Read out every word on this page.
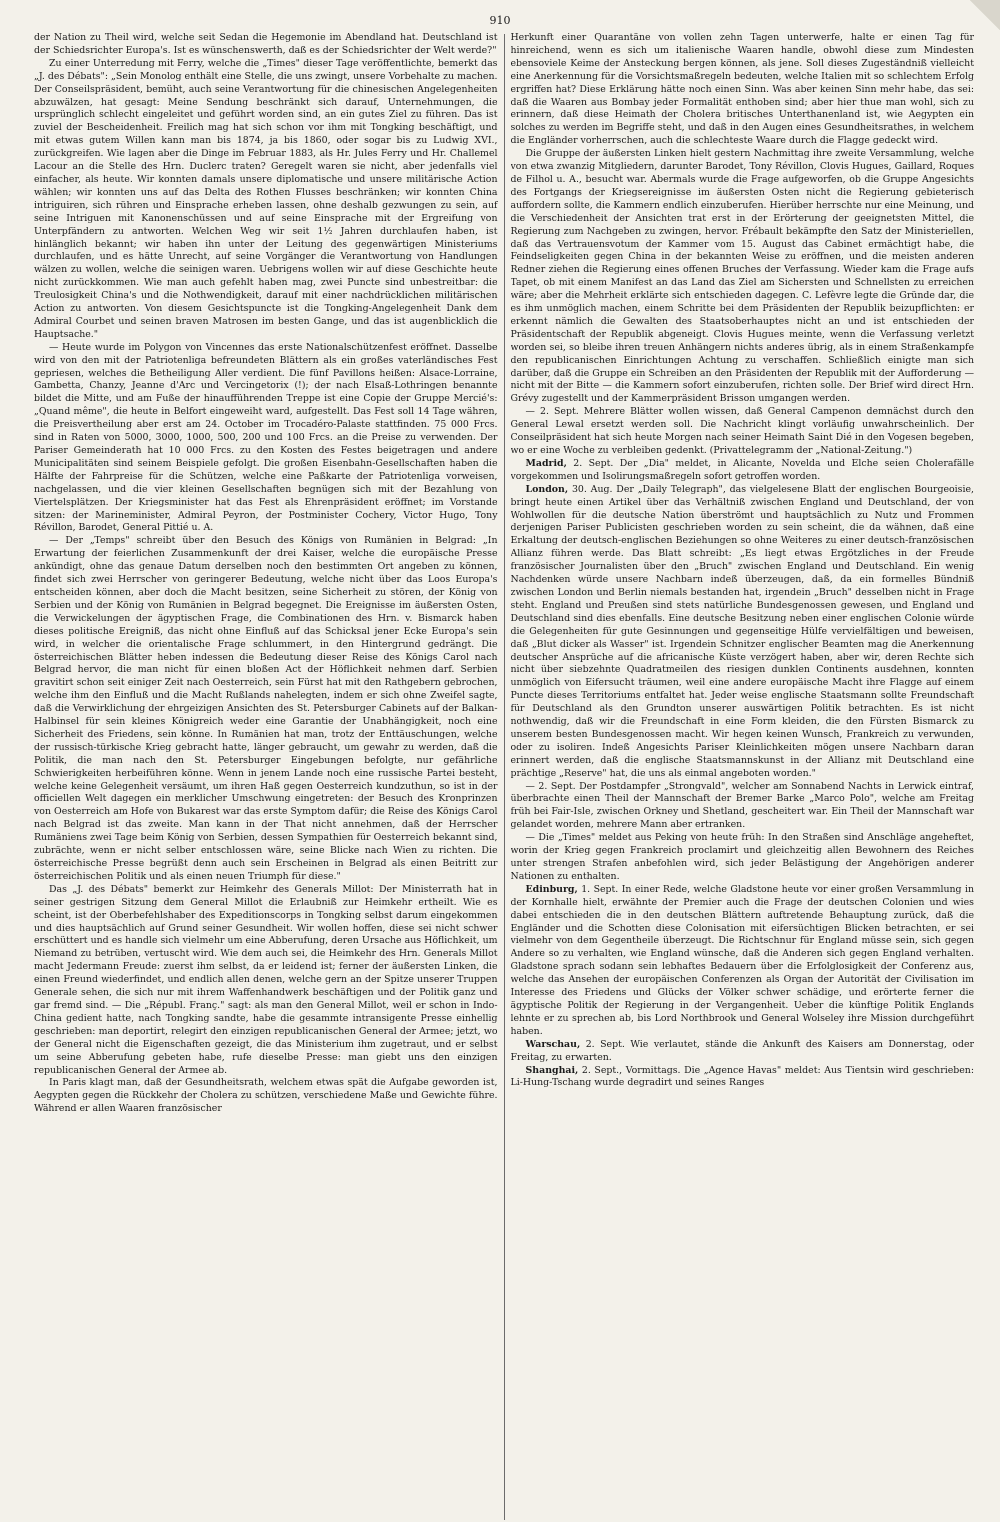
910

der Nation zu Theil wird, welche seit Sedan die Hegemonie im Abendland hat. Deutschland ist der Schiedsrichter Europa's. Ist es wünschenswerth, daß es der Schiedsrichter der Welt werde?"

Zu einer Unterredung mit Ferry, welche die „Times" dieser Tage veröffentlichte, bemerkt das „J. des Débats": „Sein Monolog enthält eine Stelle, die uns zwingt, unsere Vorbehalte zu machen. Der Conseilspräsident, bemüht, auch seine Verantwortung für die chinesischen Angelegenheiten abzuwälzen, hat gesagt: Meine Sendung beschränkt sich darauf, Unternehmungen, die ursprünglich schlecht eingeleitet und geführt worden sind, an ein gutes Ziel zu führen. Das ist zuviel der Bescheidenheit. Freilich mag hat sich schon vor ihm mit Tongking beschäftigt, und mit etwas gutem Willen kann man bis 1874, ja bis 1860, oder sogar bis zu Ludwig XVI., zurückgreifen. Wie lagen aber die Dinge im Februar 1883, als Hr. Jules Ferry und Hr. Challemel Lacour an die Stelle des Hrn. Duclerc traten? Geregelt waren sie nicht, aber jedenfalls viel einfacher, als heute. Wir konnten damals unsere diplomatische und unsere militärische Action wählen; wir konnten uns auf das Delta des Rothen Flusses beschränken; wir konnten China intriguiren, sich rühren und Einsprache erheben lassen, ohne deshalb gezwungen zu sein, auf seine Intriguen mit Kanonenschüssen und auf seine Einsprache mit der Ergreifung von Unterpfändern zu antworten. Welchen Weg wir seit 1½ Jahren durchlaufen haben, ist hinlänglich bekannt; wir haben ihn unter der Leitung des gegenwärtigen Ministeriums durchlaufen, und es hätte Unrecht, auf seine Vorgänger die Verantwortung von Handlungen wälzen zu wollen, welche die seinigen waren. Uebrigens wollen wir auf diese Geschichte heute nicht zurückkommen. Wie man auch gefehlt haben mag, zwei Puncte sind unbestreitbar: die Treulosigkeit China's und die Nothwendigkeit, darauf mit einer nachdrücklichen militärischen Action zu antworten. Von diesem Gesichtspuncte ist die Tongking-Angelegenheit Dank dem Admiral Courbet und seinen braven Matrosen im besten Gange, und das ist augenblicklich die Hauptsache."

— Heute wurde im Polygon von Vincennes das erste Nationalschützenfest eröffnet. Dasselbe wird von den mit der Patriotenliga befreundeten Blättern als ein großes vaterländisches Fest gepriesen, welches die Betheiligung Aller verdient. Die fünf Pavillons heißen: Alsace-Lorraine, Gambetta, Chanzy, Jeanne d'Arc und Vercingetorix (!); der nach Elsaß-Lothringen benannte bildet die Mitte, und am Fuße der hinaufführenden Treppe ist eine Copie der Gruppe Mercié's: „Quand même", die heute in Belfort eingeweiht ward, aufgestellt. Das Fest soll 14 Tage währen, die Preisvertheilung aber erst am 24. October im Trocadéro-Palaste stattfinden. 75 000 Frcs. sind in Raten von 5000, 3000, 1000, 500, 200 und 100 Frcs. an die Preise zu verwenden. Der Pariser Gemeinderath hat 10 000 Frcs. zu den Kosten des Festes beigetragen und andere Municipalitäten sind seinem Beispiele gefolgt. Die großen Eisenbahn-Gesellschaften haben die Hälfte der Fahrpreise für die Schützen, welche eine Paßkarte der Patriotenliga vorweisen, nachgelassen, und die vier kleinen Gesellschaften begnügen sich mit der Bezahlung von Viertelsplätzen. Der Kriegsminister hat das Fest als Ehrenpräsident eröffnet; im Vorstande sitzen: der Marineminister, Admiral Peyron, der Postminister Cochery, Victor Hugo, Tony Révillon, Barodet, General Pittié u. A.

— Der „Temps" schreibt über den Besuch des Königs von Rumänien in Belgrad: „In Erwartung der feierlichen Zusammenkunft der drei Kaiser, welche die europäische Presse ankündigt, ohne das genaue Datum derselben noch den bestimmten Ort angeben zu können, findet sich zwei Herrscher von geringerer Bedeutung, welche nicht über das Loos Europa's entscheiden können, aber doch die Macht besitzen, seine Sicherheit zu stören, der König von Serbien und der König von Rumänien in Belgrad begegnet. Die Ereignisse im äußersten Osten, die Verwickelungen der ägyptischen Frage, die Combinationen des Hrn. v. Bismarck haben dieses politische Ereigniß, das nicht ohne Einfluß auf das Schicksal jener Ecke Europa's sein wird, in welcher die orientalische Frage schlummert, in den Hintergrund gedrängt. Die österreichischen Blätter heben indessen die Bedeutung dieser Reise des Königs Carol nach Belgrad hervor, die man nicht für einen bloßen Act der Höflichkeit nehmen darf. Serbien gravitirt schon seit einiger Zeit nach Oesterreich, sein Fürst hat mit den Rathgebern gebrochen, welche ihm den Einfluß und die Macht Rußlands nahelegten, indem er sich ohne Zweifel sagte, daß die Verwirklichung der ehrgeizigen Ansichten des St. Petersburger Cabinets auf der Balkan-Halbinsel für sein kleines Königreich weder eine Garantie der Unabhängigkeit, noch eine Sicherheit des Friedens, sein könne. In Rumänien hat man, trotz der Enttäuschungen, welche der russisch-türkische Krieg gebracht hatte, länger gebraucht, um gewahr zu werden, daß die Politik, die man nach den St. Petersburger Eingebungen befolgte, nur gefährliche Schwierigkeiten herbeiführen könne. Wenn in jenem Lande noch eine russische Partei besteht, welche keine Gelegenheit versäumt, um ihren Haß gegen Oesterreich kundzuthun, so ist in der officiellen Welt dagegen ein merklicher Umschwung eingetreten: der Besuch des Kronprinzen von Oesterreich am Hofe von Bukarest war das erste Symptom dafür; die Reise des Königs Carol nach Belgrad ist das zweite. Man kann in der That nicht annehmen, daß der Herrscher Rumäniens zwei Tage beim König von Serbien, dessen Sympathien für Oesterreich bekannt sind, zubrächte, wenn er nicht selber entschlossen wäre, seine Blicke nach Wien zu richten. Die österreichische Presse begrüßt denn auch sein Erscheinen in Belgrad als einen Beitritt zur österreichischen Politik und als einen neuen Triumph für diese."

Das „J. des Débats" bemerkt zur Heimkehr des Generals Millot: Der Ministerrath hat in seiner gestrigen Sitzung dem General Millot die Erlaubniß zur Heimkehr ertheilt. Wie es scheint, ist der Oberbefehlshaber des Expeditionscorps in Tongking selbst darum eingekommen und dies hauptsächlich auf Grund seiner Gesundheit. Wir wollen hoffen, diese sei nicht schwer erschüttert und es handle sich vielmehr um eine Abberufung, deren Ursache aus Höflichkeit, um Niemand zu betrüben, vertuscht wird. Wie dem auch sei, die Heimkehr des Hrn. Generals Millot macht Jedermann Freude: zuerst ihm selbst, da er leidend ist; ferner der äußersten Linken, die einen Freund wiederfindet, und endlich allen denen, welche gern an der Spitze unserer Truppen Generale sehen, die sich nur mit ihrem Waffenhandwerk beschäftigen und der Politik ganz und gar fremd sind. — Die „Républ. Franç." sagt: als man den General Millot, weil er schon in Indo-China gedient hatte, nach Tongking sandte, habe die gesammte intransigente Presse einhellig geschrieben: man deportirt, relegirt den einzigen republicanischen General der Armee; jetzt, wo der General nicht die Eigenschaften gezeigt, die das Ministerium ihm zugetraut, und er selbst um seine Abberufung gebeten habe, rufe dieselbe Presse: man giebt uns den einzigen republicanischen General der Armee ab.

In Paris klagt man, daß der Gesundheitsrath, welchem etwas spät die Aufgabe geworden ist, Aegypten gegen die Rückkehr der Cholera zu schützen, verschiedene Maße und Gewichte führe. Während er allen Waaren französischer

Herkunft einer Quarantäne von vollen zehn Tagen unterwerfe, halte er einen Tag für hinreichend, wenn es sich um italienische Waaren handle, obwohl diese zum Mindesten ebensoviele Keime der Ansteckung bergen können, als jene. Soll dieses Zugeständniß vielleicht eine Anerkennung für die Vorsichtsmaßregeln bedeuten, welche Italien mit so schlechtem Erfolg ergriffen hat? Diese Erklärung hätte noch einen Sinn. Was aber keinen Sinn mehr habe, das sei: daß die Waaren aus Bombay jeder Formalität enthoben sind; aber hier thue man wohl, sich zu erinnern, daß diese Heimath der Cholera britisches Unterthanenland ist, wie Aegypten ein solches zu werden im Begriffe steht, und daß in den Augen eines Gesundheitsrathes, in welchem die Engländer vorherrschen, auch die schlechteste Waare durch die Flagge gedeckt wird.

Die Gruppe der äußersten Linken hielt gestern Nachmittag ihre zweite Versammlung, welche von etwa zwanzig Mitgliedern, darunter Barodet, Tony Révillon, Clovis Hugues, Gaillard, Roques de Filhol u. A., besucht war. Abermals wurde die Frage aufgeworfen, ob die Gruppe Angesichts des Fortgangs der Kriegsereignisse im äußersten Osten nicht die Regierung gebieterisch auffordern sollte, die Kammern endlich einzuberufen. Hierüber herrschte nur eine Meinung, und die Verschiedenheit der Ansichten trat erst in der Erörterung der geeignetsten Mittel, die Regierung zum Nachgeben zu zwingen, hervor. Frébault bekämpfte den Satz der Ministeriellen, daß das Vertrauensvotum der Kammer vom 15. August das Cabinet ermächtigt habe, die Feindseligkeiten gegen China in der bekannten Weise zu eröffnen, und die meisten anderen Redner ziehen die Regierung eines offenen Bruches der Verfassung. Wieder kam die Frage aufs Tapet, ob mit einem Manifest an das Land das Ziel am Sichersten und Schnellsten zu erreichen wäre; aber die Mehrheit erklärte sich entschieden dagegen. C. Lefèvre legte die Gründe dar, die es ihm unmöglich machen, einem Schritte bei dem Präsidenten der Republik beizupflichten: er erkennt nämlich die Gewalten des Staatsoberhauptes nicht an und ist entschieden der Präsidentschaft der Republik abgeneigt. Clovis Hugues meinte, wenn die Verfassung verletzt worden sei, so bleibe ihren treuen Anhängern nichts anderes übrig, als in einem Straßenkampfe den republicanischen Einrichtungen Achtung zu verschaffen. Schließlich einigte man sich darüber, daß die Gruppe ein Schreiben an den Präsidenten der Republik mit der Aufforderung — nicht mit der Bitte — die Kammern sofort einzuberufen, richten solle. Der Brief wird direct Hrn. Grévy zugestellt und der Kammerpräsident Brisson umgangen werden.

— 2. Sept. Mehrere Blätter wollen wissen, daß General Campenon demnächst durch den General Lewal ersetzt werden soll. Die Nachricht klingt vorläufig unwahrscheinlich. Der Conseilpräsident hat sich heute Morgen nach seiner Heimath Saint Dié in den Vogesen begeben, wo er eine Woche zu verbleiben gedenkt. (Privattelegramm der „National-Zeitung.")

Madrid, 2. Sept. Der „Dia" meldet, in Alicante, Novelda und Elche seien Cholerafälle vorgekommen und Isolirungsmaßregeln sofort getroffen worden.

London, 30. Aug. Der „Daily Telegraph", das vielgelesene Blatt der englischen Bourgeoisie, bringt heute einen Artikel über das Verhältniß zwischen England und Deutschland, der von Wohlwollen für die deutsche Nation überströmt und hauptsächlich zu Nutz und Frommen derjenigen Pariser Publicisten geschrieben worden zu sein scheint, die da wähnen, daß eine Erkaltung der deutsch-englischen Beziehungen so ohne Weiteres zu einer deutsch-französischen Allianz führen werde. Das Blatt schreibt: „Es liegt etwas Ergötzliches in der Freude französischer Journalisten über den „Bruch" zwischen England und Deutschland. Ein wenig Nachdenken würde unsere Nachbarn indeß überzeugen, daß, da ein formelles Bündniß zwischen London und Berlin niemals bestanden hat, irgendein „Bruch" desselben nicht in Frage steht. England und Preußen sind stets natürliche Bundesgenossen gewesen, und England und Deutschland sind dies ebenfalls. Eine deutsche Besitzung neben einer englischen Colonie würde die Gelegenheiten für gute Gesinnungen und gegenseitige Hülfe vervielfältigen und beweisen, daß „Blut dicker als Wasser" ist. Irgendein Schnitzer englischer Beamten mag die Anerkennung deutscher Ansprüche auf die africanische Küste verzögert haben, aber wir, deren Rechte sich nicht über siebzehnte Quadratmeilen des riesigen dunklen Continents ausdehnen, konnten unmöglich von Eifersucht träumen, weil eine andere europäische Macht ihre Flagge auf einem Puncte dieses Territoriums entfaltet hat. Jeder weise englische Staatsmann sollte Freundschaft für Deutschland als den Grundton unserer auswärtigen Politik betrachten. Es ist nicht nothwendig, daß wir die Freundschaft in eine Form kleiden, die den Fürsten Bismarck zu unserem besten Bundesgenossen macht. Wir hegen keinen Wunsch, Frankreich zu verwunden, oder zu isoliren. Indeß Angesichts Pariser Kleinlichkeiten mögen unsere Nachbarn daran erinnert werden, daß die englische Staatsmannskunst in der Allianz mit Deutschland eine prächtige „Reserve" hat, die uns als einmal angeboten worden."

— 2. Sept. Der Postdampfer „Strongvald", welcher am Sonnabend Nachts in Lerwick eintraf, überbrachte einen Theil der Mannschaft der Bremer Barke „Marco Polo", welche am Freitag früh bei Fair-Isle, zwischen Orkney und Shetland, gescheitert war. Ein Theil der Mannschaft war gelandet worden, mehrere Mann aber ertranken.

— Die „Times" meldet aus Peking von heute früh: In den Straßen sind Anschläge angeheftet, worin der Krieg gegen Frankreich proclamirt und gleichzeitig allen Bewohnern des Reiches unter strengen Strafen anbefohlen wird, sich jeder Belästigung der Angehörigen anderer Nationen zu enthalten.

Edinburg, 1. Sept. In einer Rede, welche Gladstone heute vor einer großen Versammlung in der Kornhalle hielt, erwähnte der Premier auch die Frage der deutschen Colonien und wies dabei entschieden die in den deutschen Blättern auftretende Behauptung zurück, daß die Engländer und die Schotten diese Colonisation mit eifersüchtigen Blicken betrachten, er sei vielmehr von dem Gegentheile überzeugt. Die Richtschnur für England müsse sein, sich gegen Andere so zu verhalten, wie England wünsche, daß die Anderen sich gegen England verhalten. Gladstone sprach sodann sein lebhaftes Bedauern über die Erfolglosigkeit der Conferenz aus, welche das Ansehen der europäischen Conferenzen als Organ der Autorität der Civilisation im Interesse des Friedens und Glücks der Völker schwer schädige, und erörterte ferner die ägyptische Politik der Regierung in der Vergangenheit. Ueber die künftige Politik Englands lehnte er zu sprechen ab, bis Lord Northbrook und General Wolseley ihre Mission durchgeführt haben.

Warschau, 2. Sept. Wie verlautet, stände die Ankunft des Kaisers am Donnerstag, oder Freitag, zu erwarten.

Shanghai, 2. Sept., Vormittags. Die „Agence Havas" meldet: Aus Tientsin wird geschrieben: Li-Hung-Tschang wurde degradirt und seines Ranges
